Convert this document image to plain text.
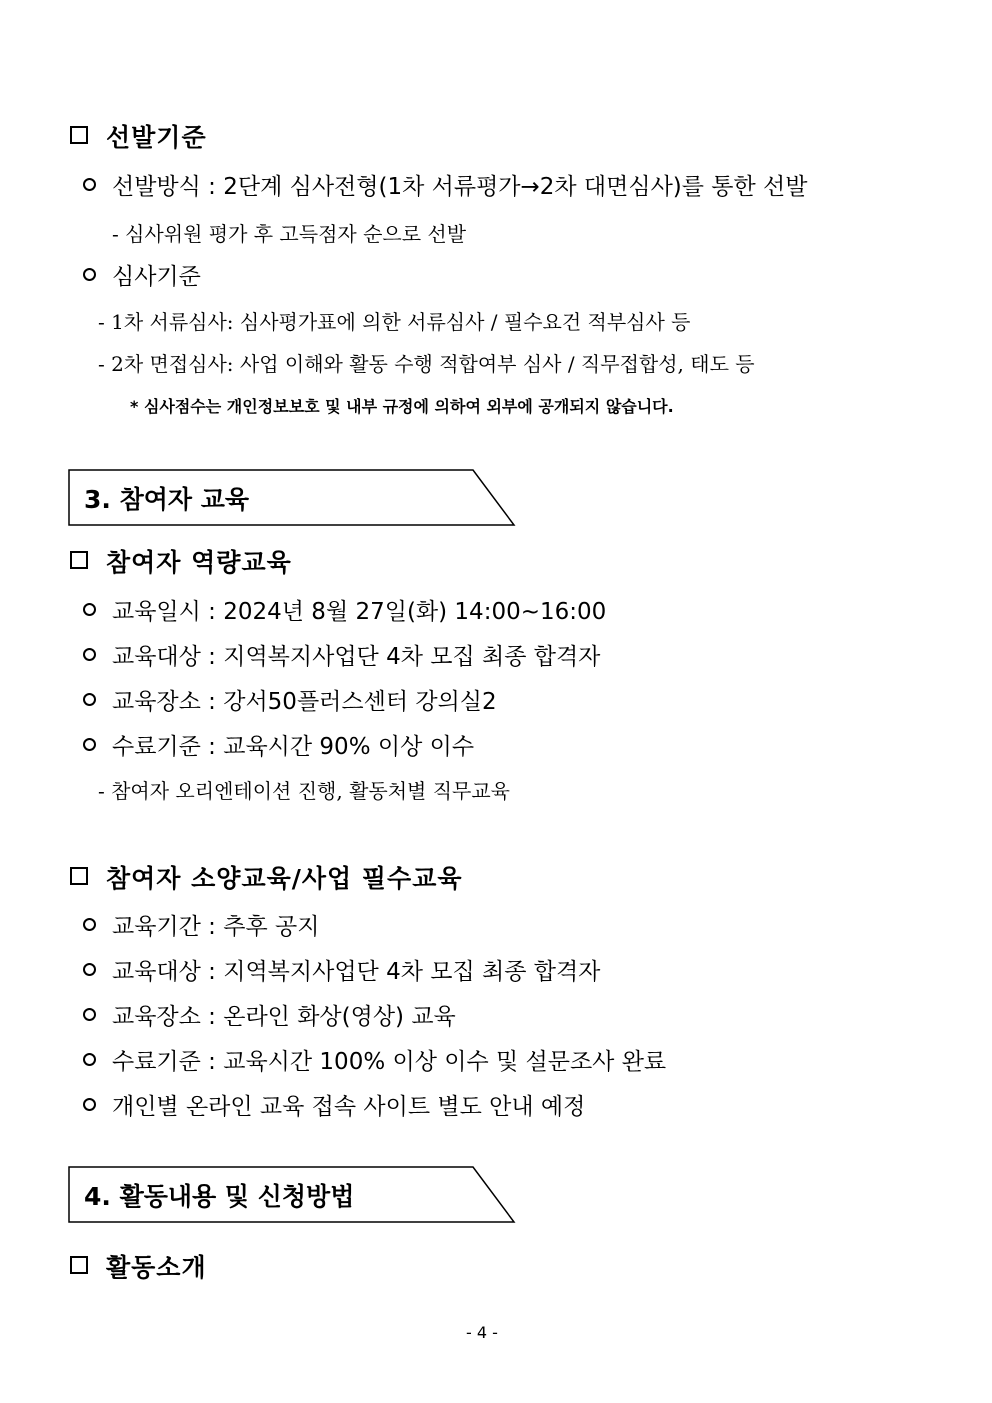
선발기준
선발방식 : 2단계 심사전형(1차 서류평가→2차 대면심사)를 통한 선발
- 심사위원 평가 후 고득점자 순으로 선발
심사기준
- 1차 서류심사: 심사평가표에 의한 서류심사 / 필수요건 적부심사 등
- 2차 면접심사: 사업 이해와 활동 수행 적합여부 심사 / 직무접합성, 태도 등
* 심사점수는 개인정보보호 및 내부 규정에 의하여 외부에 공개되지 않습니다.
3. 참여자 교육
참여자 역량교육
교육일시 : 2024년 8월 27일(화) 14:00~16:00
교육대상 : 지역복지사업단 4차 모집 최종 합격자
교육장소 : 강서50플러스센터 강의실2
수료기준 : 교육시간 90% 이상 이수
- 참여자 오리엔테이션 진행, 활동처별 직무교육
참여자 소양교육/사업 필수교육
교육기간 : 추후 공지
교육대상 : 지역복지사업단 4차 모집 최종 합격자
교육장소 : 온라인 화상(영상) 교육
수료기준 : 교육시간 100% 이상 이수 및 설문조사 완료
개인별 온라인 교육 접속 사이트 별도 안내 예정
4. 활동내용 및 신청방법
활동소개
- 4 -
